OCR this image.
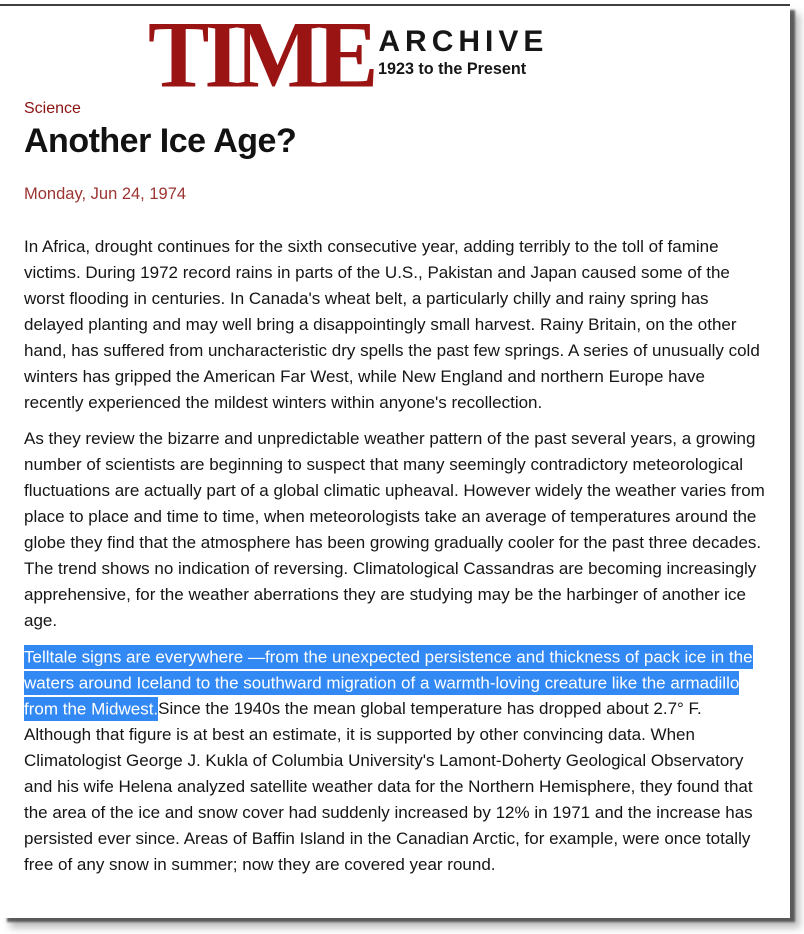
TIME ARCHIVE
1923 to the Present
Science
Another Ice Age?
Monday, Jun 24, 1974

In Africa, drought continues for the sixth consecutive year, adding terribly to the toll of famine victims. During 1972 record rains in parts of the U.S., Pakistan and Japan caused some of the worst flooding in centuries. In Canada's wheat belt, a particularly chilly and rainy spring has delayed planting and may well bring a disappointingly small harvest. Rainy Britain, on the other hand, has suffered from uncharacteristic dry spells the past few springs. A series of unusually cold winters has gripped the American Far West, while New England and northern Europe have recently experienced the mildest winters within anyone's recollection.

As they review the bizarre and unpredictable weather pattern of the past several years, a growing number of scientists are beginning to suspect that many seemingly contradictory meteorological fluctuations are actually part of a global climatic upheaval. However widely the weather varies from place to place and time to time, when meteorologists take an average of temperatures around the globe they find that the atmosphere has been growing gradually cooler for the past three decades. The trend shows no indication of reversing. Climatological Cassandras are becoming increasingly apprehensive, for the weather aberrations they are studying may be the harbinger of another ice age.

Telltale signs are everywhere —from the unexpected persistence and thickness of pack ice in the waters around Iceland to the southward migration of a warmth-loving creature like the armadillo from the Midwest.Since the 1940s the mean global temperature has dropped about 2.7° F. Although that figure is at best an estimate, it is supported by other convincing data. When Climatologist George J. Kukla of Columbia University's Lamont-Doherty Geological Observatory and his wife Helena analyzed satellite weather data for the Northern Hemisphere, they found that the area of the ice and snow cover had suddenly increased by 12% in 1971 and the increase has persisted ever since. Areas of Baffin Island in the Canadian Arctic, for example, were once totally free of any snow in summer; now they are covered year round.
